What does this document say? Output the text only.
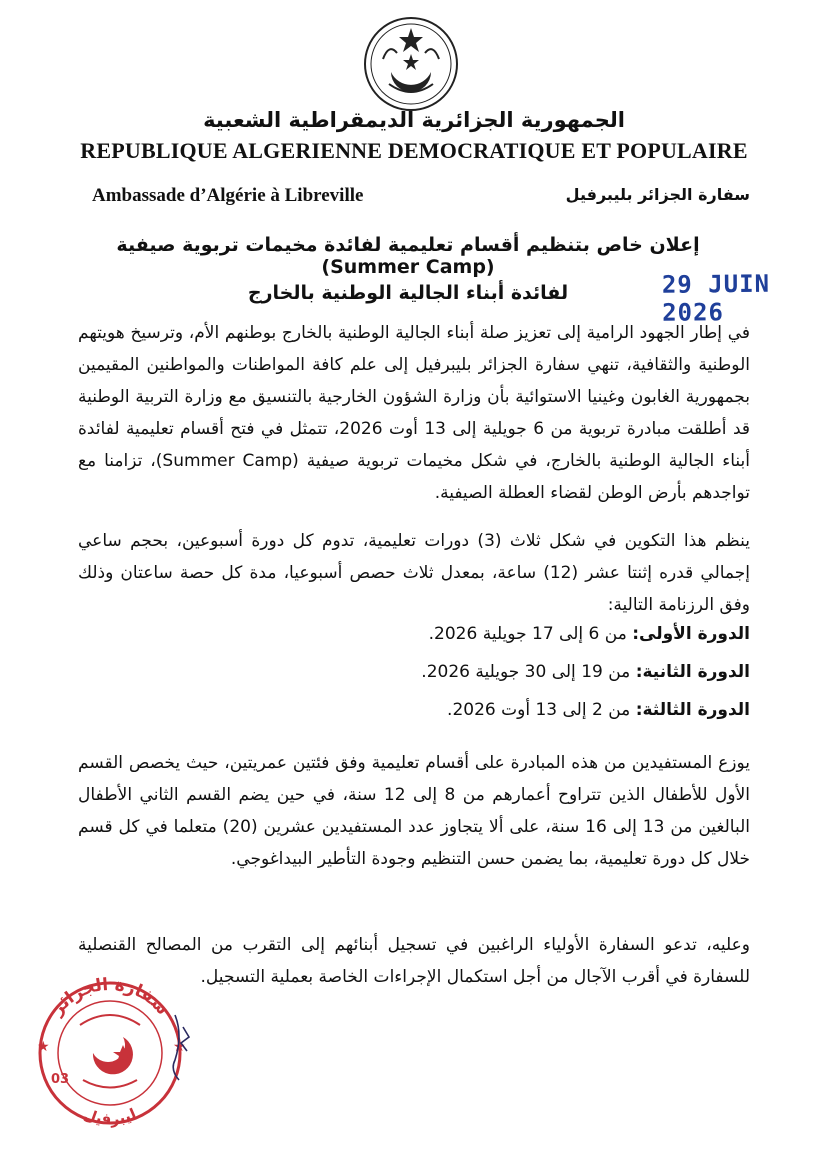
الجمهورية الجزائرية الديمقراطية الشعبية
REPUBLIQUE ALGERIENNE DEMOCRATIQUE ET POPULAIRE
Ambassade d’Algérie à Libreville	سفارة الجزائر بليبرفيل
إعلان خاص بتنظيم أقسام تعليمية لفائدة مخيمات تربوية صيفية (Summer Camp)
لفائدة أبناء الجالية الوطنية بالخارج	29 JUIN 2026
في إطار الجهود الرامية إلى تعزيز صلة أبناء الجالية الوطنية بالخارج بوطنهم الأم، وترسيخ هويتهم الوطنية والثقافية، تنهي سفارة الجزائر بليبرفيل إلى علم كافة المواطنات والمواطنين المقيمين بجمهورية الغابون وغينيا الاستوائية بأن وزارة الشؤون الخارجية بالتنسيق مع وزارة التربية الوطنية قد أطلقت مبادرة تربوية من 6 جويلية إلى 13 أوت 2026، تتمثل في فتح أقسام تعليمية لفائدة أبناء الجالية الوطنية بالخارج، في شكل مخيمات تربوية صيفية (Summer Camp)، تزامنا مع تواجدهم بأرض الوطن لقضاء العطلة الصيفية.
ينظم هذا التكوين في شكل ثلاث (3) دورات تعليمية، تدوم كل دورة أسبوعين، بحجم ساعي إجمالي قدره إثنتا عشر (12) ساعة، بمعدل ثلاث حصص أسبوعيا، مدة كل حصة ساعتان وذلك وفق الرزنامة التالية:
الدورة الأولى: من 6 إلى 17 جويلية 2026.
الدورة الثانية: من 19 إلى 30 جويلية 2026.
الدورة الثالثة: من 2 إلى 13 أوت 2026.
يوزع المستفيدين من هذه المبادرة على أقسام تعليمية وفق فئتين عمريتين، حيث يخصص القسم الأول للأطفال الذين تتراوح أعمارهم من 8 إلى 12 سنة، في حين يضم القسم الثاني الأطفال البالغين من 13 إلى 16 سنة، على ألا يتجاوز عدد المستفيدين عشرين (20) متعلما في كل قسم خلال كل دورة تعليمية، بما يضمن حسن التنظيم وجودة التأطير البيداغوجي.
وعليه، تدعو السفارة الأولياء الراغبين في تسجيل أبنائهم إلى التقرب من المصالح القنصلية للسفارة في أقرب الآجال من أجل استكمال الإجراءات الخاصة بعملية التسجيل.
سفارة الجزائر
ليبرفيل
03
★	★
